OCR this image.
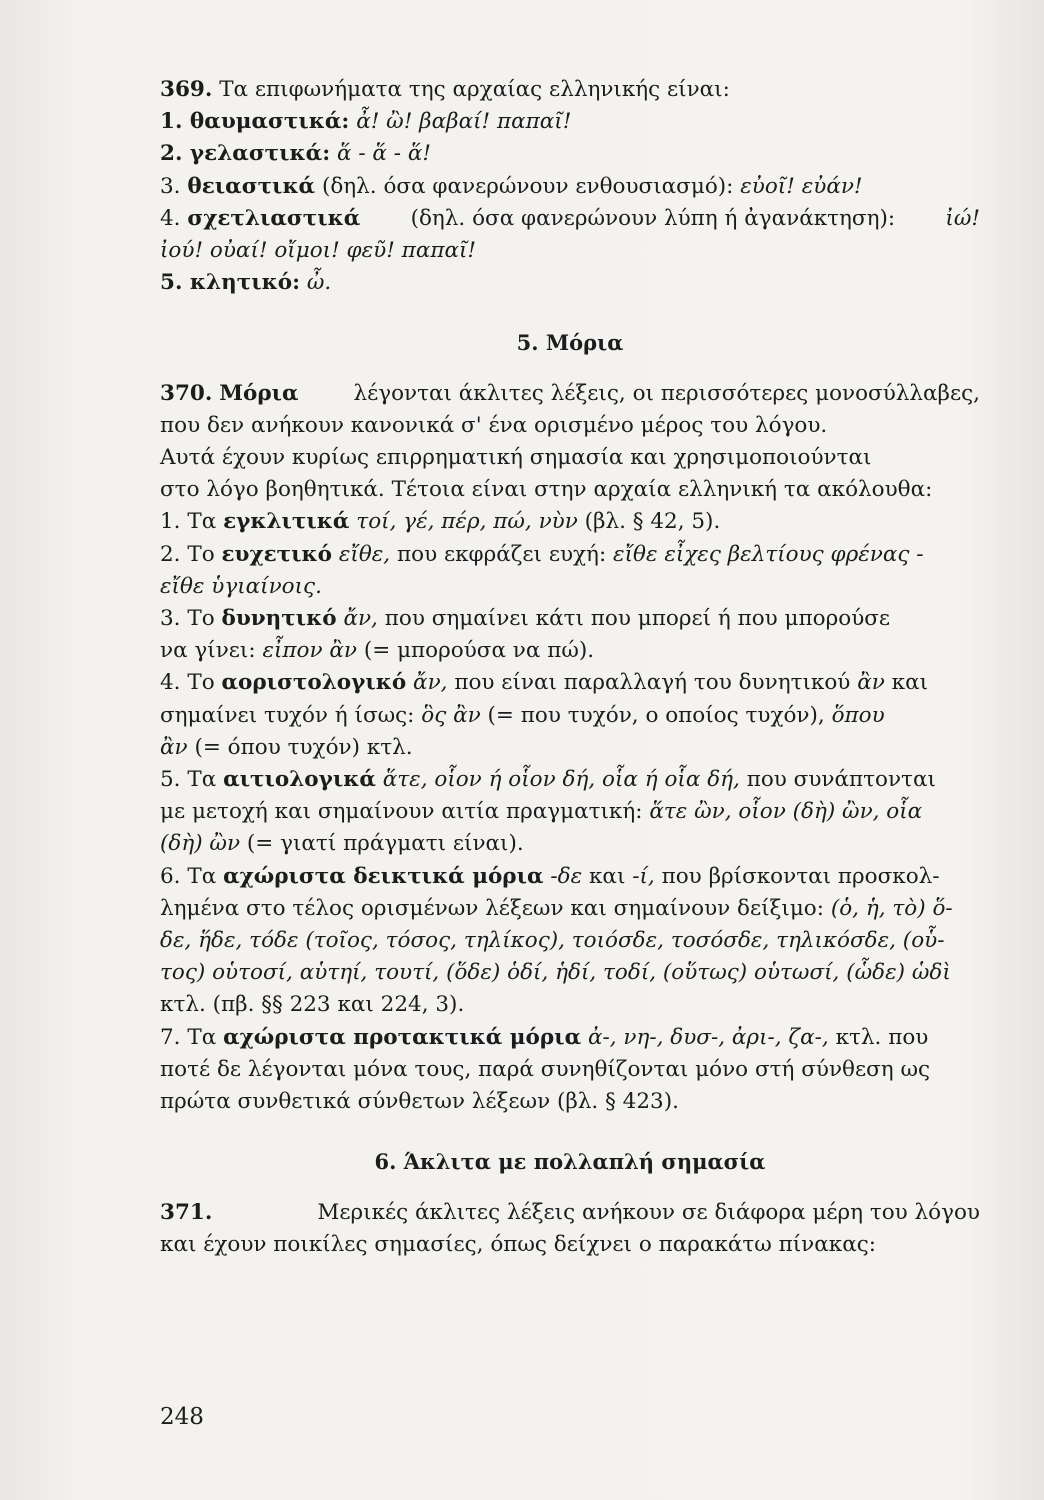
369. Τα επιφωνήματα της αρχαίας ελληνικής είναι:
1. θαυμαστικά: ἆ! ὢ! βαβαί! παπαῖ!
2. γελαστικά: ἅ - ἅ - ἅ!
3. θειαστικά (δηλ. όσα φανερώνουν ενθουσιασμό): εὐοῖ! εὐάν!
4. σχετλιαστικά (δηλ. όσα φανερώνουν λύπη ή ἀγανάκτηση): ἰώ!
ἰού! οὐαί! οἴμοι! φεῦ! παπαῖ!
5. κλητικό: ὦ.
5. Μόρια
370. Μόρια	λέγονται άκλιτες λέξεις, οι περισσότερες μονοσύλλαβες,
που δεν ανήκουν κανονικά σ' ένα ορισμένο μέρος του λόγου.
Αυτά έχουν κυρίως επιρρηματική σημασία και χρησιμοποιούνται
στο λόγο βοηθητικά. Τέτοια είναι στην αρχαία ελληνική τα ακόλουθα:
1. Τα εγκλιτικά τοί, γέ, πέρ, πώ, νὺν (βλ. § 42, 5).
2. Το ευχετικό εἴθε, που εκφράζει ευχή: εἴθε εἶχες βελτίους φρένας -
εἴθε ὑγιαίνοις.
3. Το δυνητικό ἄν, που σημαίνει κάτι που μπορεί ή που μπορούσε
να γίνει: εἶπον ἂν (= μπορούσα να πώ).
4. Το αοριστολογικό ἄν, που είναι παραλλαγή του δυνητικού ἂν και
σημαίνει τυχόν ή ίσως: ὃς ἂν (= που τυχόν, ο οποίος τυχόν), ὅπου
ἂν (= όπου τυχόν) κτλ.
5. Τα αιτιολογικά ἅτε, οἷον ή οἷον δή, οἷα ή οἷα δή, που συνάπτονται
με μετοχή και σημαίνουν αιτία πραγματική: ἅτε ὢν, οἷον (δὴ) ὢν, οἷα
(δὴ) ὢν (= γιατί πράγματι είναι).
6. Τα αχώριστα δεικτικά μόρια -δε και -ί, που βρίσκονται προσκολ-
λημένα στο τέλος ορισμένων λέξεων και σημαίνουν δείξιμο: (ὁ, ἡ, τὸ) ὅ-
δε, ἥδε, τόδε (τοῖος, τόσος, τηλίκος), τοιόσδε, τοσόσδε, τηλικόσδε, (οὗ-
τος) οὑτοσί, αὑτηί, τουτί, (ὅδε) ὁδί, ἡδί, τοδί, (οὕτως) οὑτωσί, (ὧδε) ὡδὶ
κτλ. (πβ. §§ 223 και 224, 3).
7. Τα αχώριστα προτακτικά μόρια ἀ-, νη-, δυσ-, ἀρι-, ζα-, κτλ. που
ποτέ δε λέγονται μόνα τους, παρά συνηθίζονται μόνο στή σύνθεση ως
πρώτα συνθετικά σύνθετων λέξεων (βλ. § 423).
6. Άκλιτα με πολλαπλή σημασία
371.	Μερικές άκλιτες λέξεις ανήκουν σε διάφορα μέρη του λόγου
και έχουν ποικίλες σημασίες, όπως δείχνει ο παρακάτω πίνακας:
248
